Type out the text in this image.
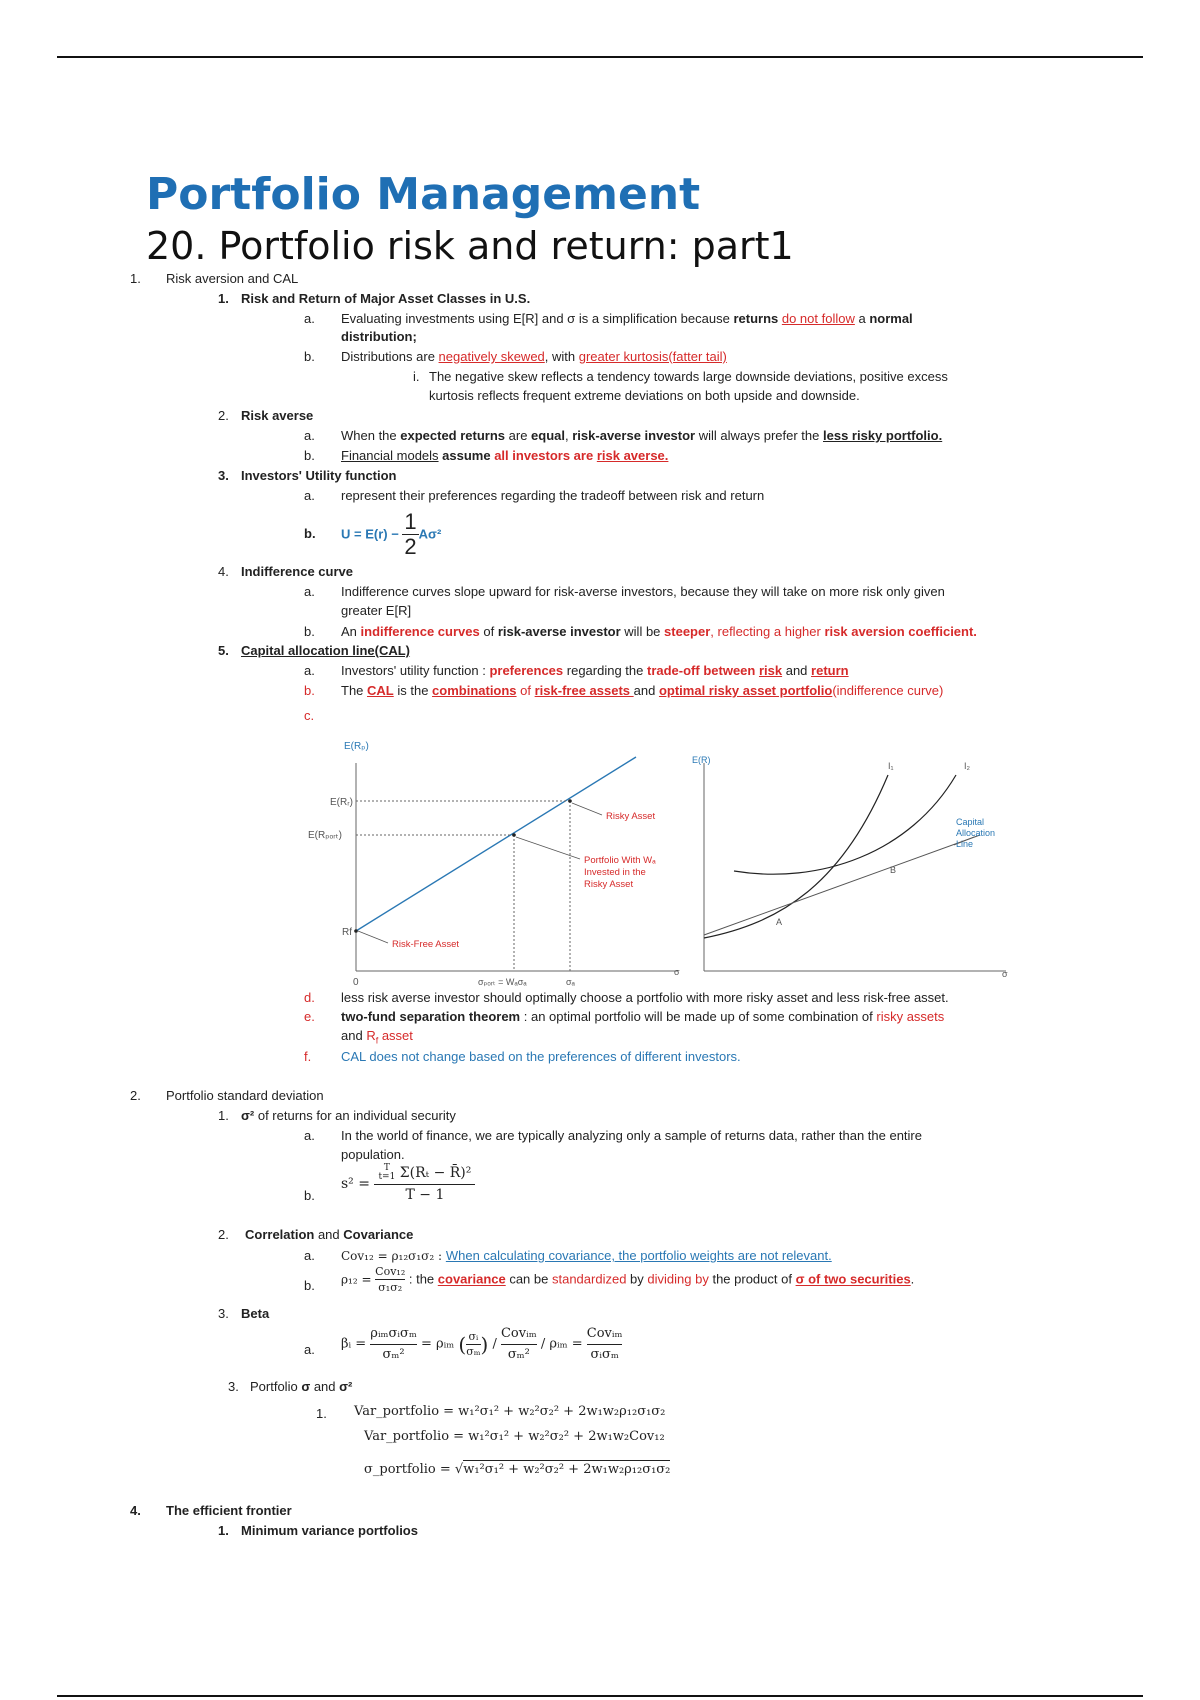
Portfolio Management
20. Portfolio risk and return: part1
1. Risk aversion and CAL
1. Risk and Return of Major Asset Classes in U.S.
a. Evaluating investments using E[R] and σ is a simplification because returns do not follow a normal
distribution;
b. Distributions are negatively skewed, with greater kurtosis(fatter tail)
i. The negative skew reflects a tendency towards large downside deviations, positive excess
kurtosis reflects frequent extreme deviations on both upside and downside.
2. Risk averse
a. When the expected returns are equal, risk-averse investor will always prefer the less risky portfolio.
b. Financial models assume all investors are risk averse.
3. Investors' Utility function
a. represent their preferences regarding the tradeoff between risk and return
b. $U = E(r) - \frac{1}{2} A\sigma^2$
4. Indifference curve
a. Indifference curves slope upward for risk-averse investors, because they will take on more risk only given
greater E[R]
b. An indifference curves of risk-averse investor will be steeper, reflecting a higher risk aversion coefficient.
5. Capital allocation line(CAL)
a. Investors' utility function : preferences regarding the trade-off between risk and return
b. The CAL is the combinations of risk-free assets and optimal risky asset portfolio(indifference curve)
c.
E(Rₚ)
E(Rᵣ)
E(Rₚₒᵣₜ)
Rf
Risky Asset
Portfolio With Wₐ
Invested in the
Risky Asset
Risk-Free Asset
0	σₚₒᵣₜ = Wₐσₐ	σₐ
σ
E(R)
I₁	I₂
Capital
Allocation
Line
A
B
σ
d. less risk averse investor should optimally choose a portfolio with more risky asset and less risk-free asset.
e. two-fund separation theorem : an optimal portfolio will be made up of some combination of risky assets
and $R_f$ asset
f. CAL does not change based on the preferences of different investors.
2. Portfolio standard deviation
1. σ² of returns for an individual security
a. In the world of finance, we are typically analyzing only a sample of returns data, rather than the entire
population.
b.
s² = T
t=1 Σ(Rₜ − R̄)²
T − 1
2. Correlation and Covariance
a. Cov₁₂ = ρ₁₂σ₁σ₂ : When calculating covariance, the portfolio weights are not relevant.
b. ρ₁₂ =
Cov₁₂
σ₁σ₂
: the covariance can be standardized by dividing by the product of σ of two securities.
3. Beta
a. βᵢ =
ρᵢₘσᵢσₘ
σₘ²
= ρᵢₘ ( $\frac{\text{σᵢ}}{\text{σₘ}}$ ) /
Covᵢₘ
σₘ²
/ ρᵢₘ =
Covᵢₘ
σᵢσₘ
3. Portfolio σ and σ²
1. Var_portfolio = w₁²σ₁² + w₂²σ₂² + 2w₁w₂ρ₁₂σ₁σ₂
Var_portfolio = w₁²σ₁² + w₂²σ₂² + 2w₁w₂Cov₁₂
σ_portfolio = √w₁²σ₁² + w₂²σ₂² + 2w₁w₂ρ₁₂σ₁σ₂
4. The efficient frontier
1. Minimum variance portfolios
